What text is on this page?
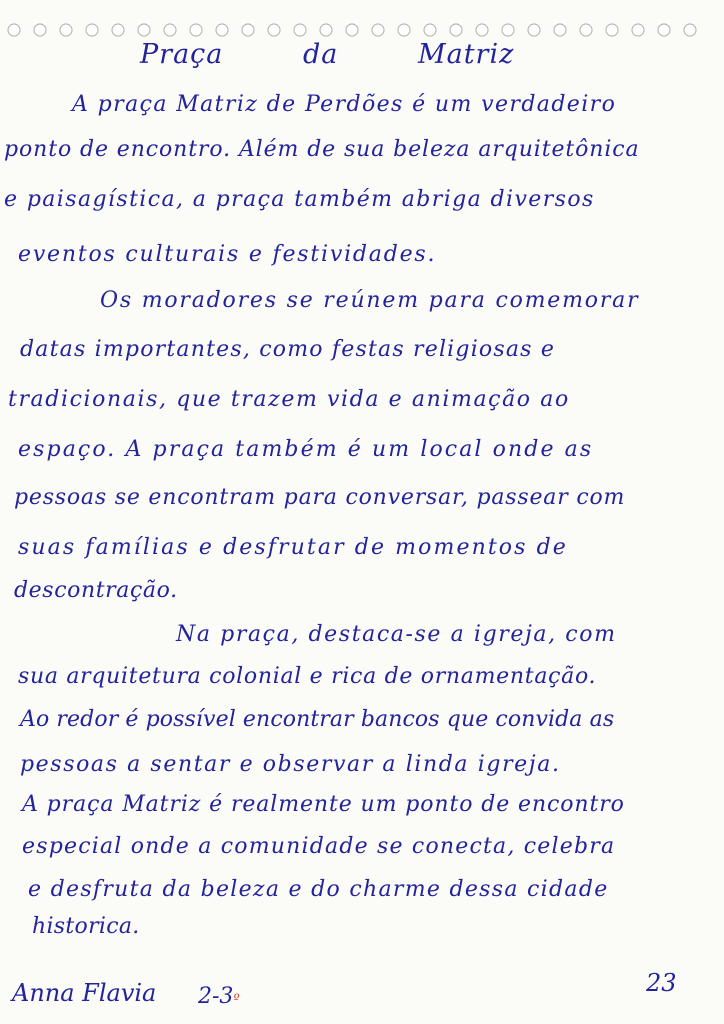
Praça	da	Matriz
A praça Matriz de Perdões é um verdadeiro
ponto de encontro. Além de sua beleza arquitetônica
e paisagística, a praça também abriga diversos
eventos culturais e festividades.
Os moradores se reúnem para comemorar
datas importantes, como festas religiosas e
tradicionais, que trazem vida e animação ao
espaço. A praça também é um local onde as
pessoas se encontram para conversar, passear com
suas famílias e desfrutar de momentos de
descontração.
Na praça, destaca-se a igreja, com
sua arquitetura colonial e rica de ornamentação.
Ao redor é possível encontrar bancos que convida as
pessoas a sentar e observar a linda igreja.
A praça Matriz é realmente um ponto de encontro
especial onde a comunidade se conecta, celebra
e desfruta da beleza e do charme dessa cidade
historica.
Anna Flavia 2-3º
23
